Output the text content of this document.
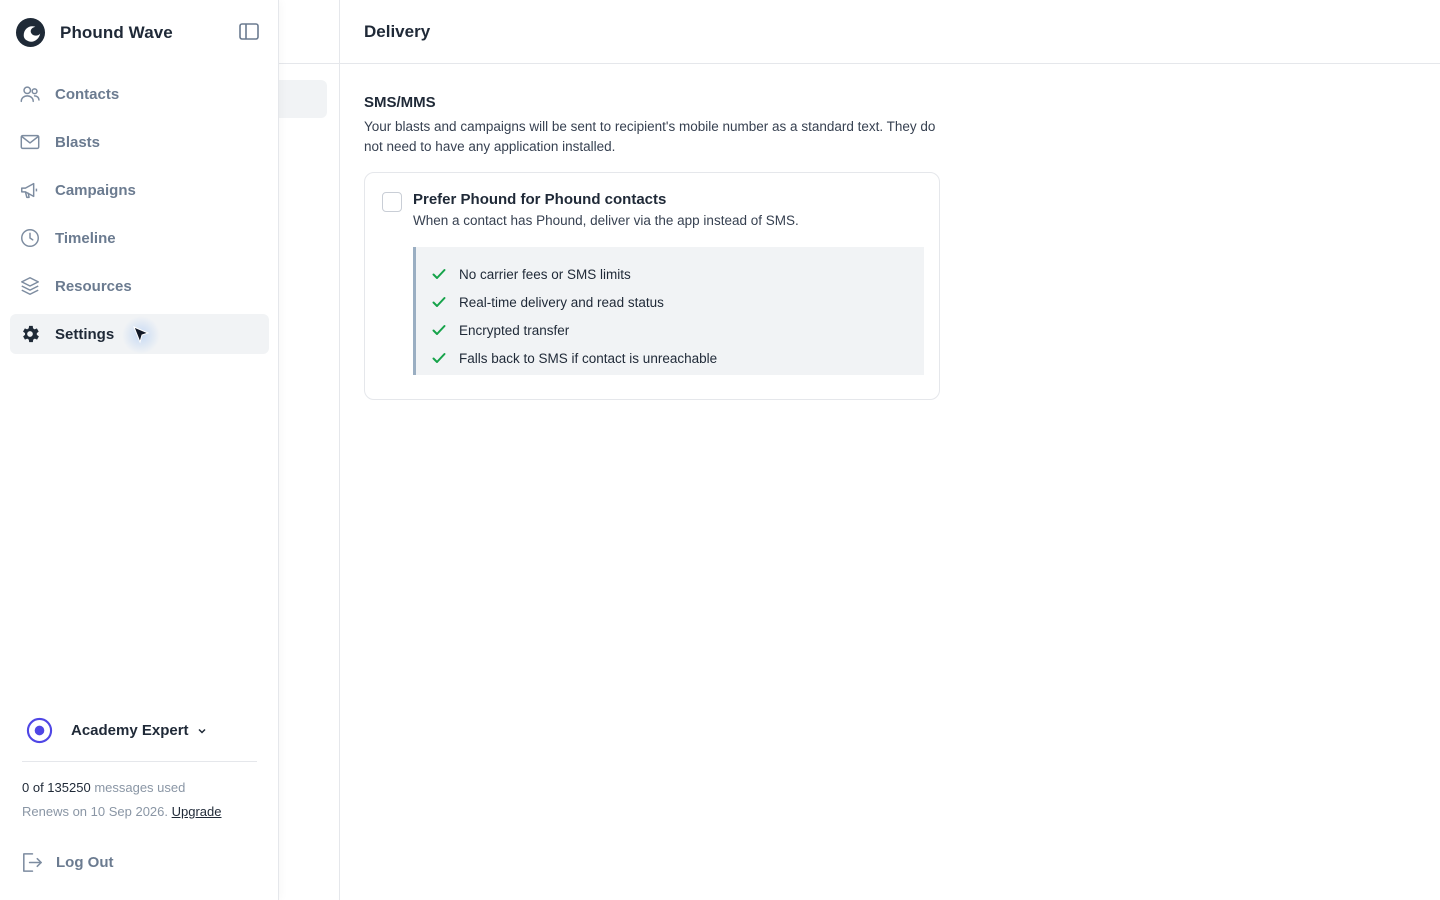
Phound Wave
Contacts
Blasts
Campaigns
Timeline
Resources
Settings
Academy Expert
0 of 135250 messages used
Renews on 10 Sep 2026. Upgrade
Log Out
Delivery
SMS/MMS

Your blasts and campaigns will be sent to recipient's mobile number as a standard text. They do not need to have any application installed.

Prefer Phound for Phound contacts
When a contact has Phound, deliver via the app instead of SMS.
No carrier fees or SMS limits
Real-time delivery and read status
Encrypted transfer
Falls back to SMS if contact is unreachable
